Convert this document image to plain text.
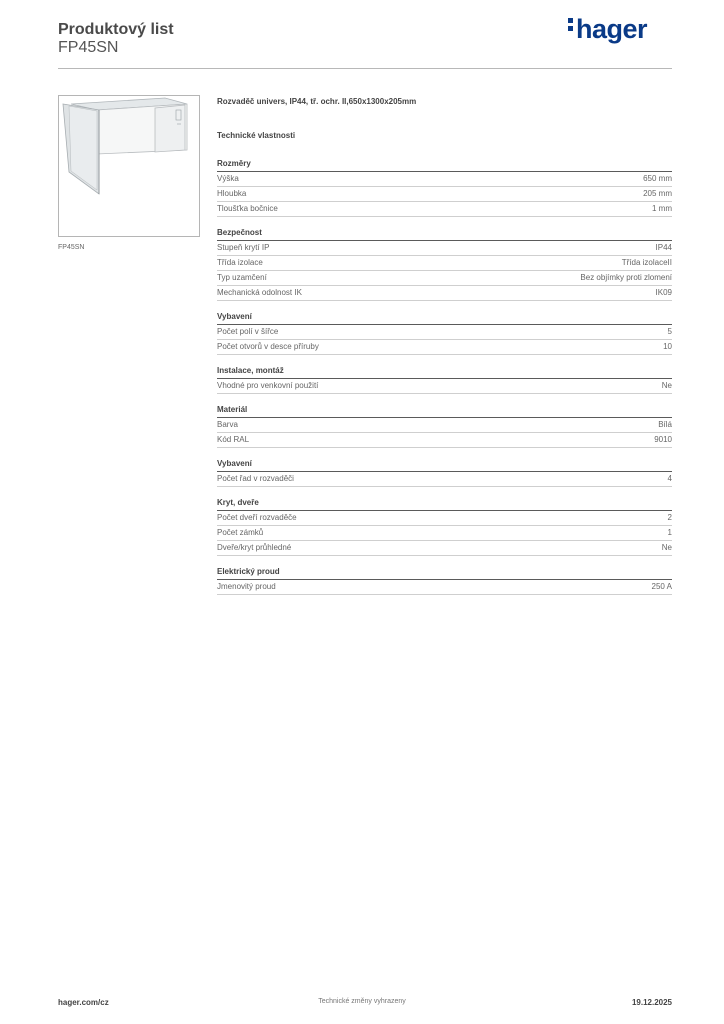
Produktový list
FP45SN
hager
FP45SN
Rozvaděč univers, IP44, tř. ochr. II,650x1300x205mm
Technické vlastnosti
Rozměry
Výška	650 mm
Hloubka	205 mm
Tloušťka bočnice	1 mm
Bezpečnost
Stupeň krytí IP	IP44
Třída izolace	Třída izolaceII
Typ uzamčení	Bez objímky proti zlomení
Mechanická odolnost IK	IK09
Vybavení
Počet polí v šířce	5
Počet otvorů v desce příruby	10
Instalace, montáž
Vhodné pro venkovní použití	Ne
Materiál
Barva	Bílá
Kód RAL	9010
Vybavení
Počet řad v rozvaděči	4
Kryt, dveře
Počet dveří rozvaděče	2
Počet zámků	1
Dveře/kryt průhledné	Ne
Elektrický proud
Jmenovitý proud	250 A
hager.com/cz	Technické změny vyhrazeny	19.12.2025
